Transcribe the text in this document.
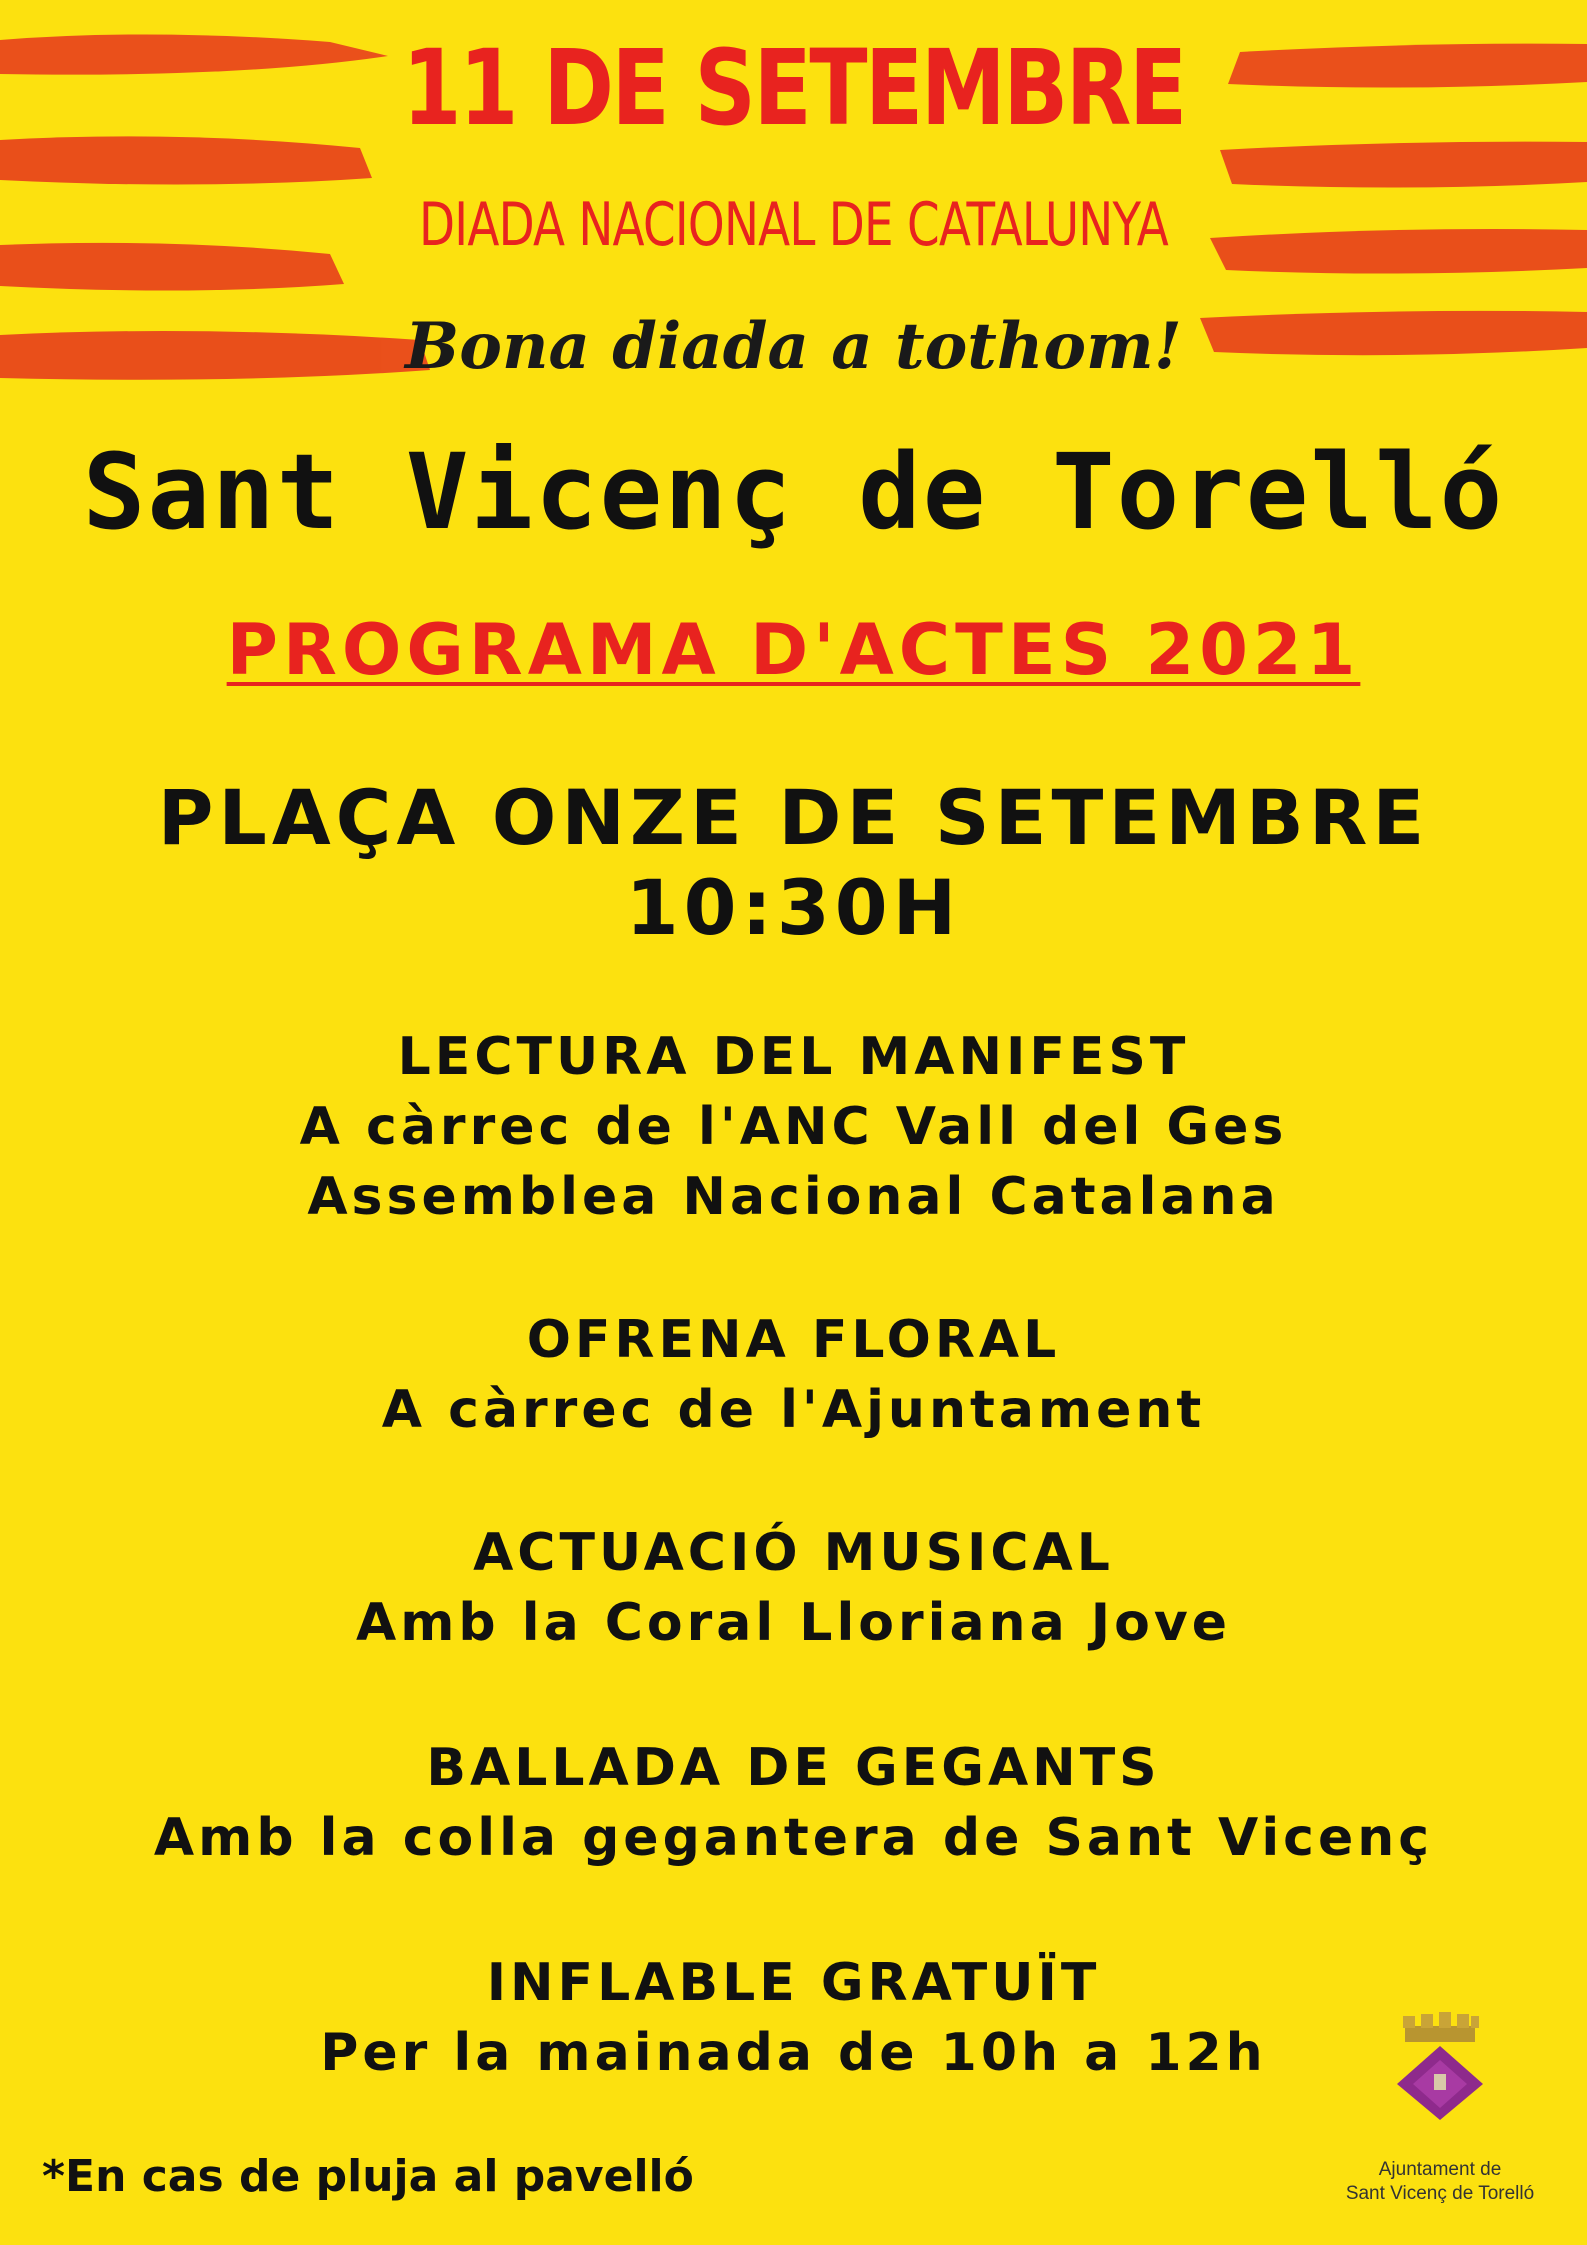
11 DE SETEMBRE
DIADA NACIONAL DE CATALUNYA
Bona diada a tothom!
Sant Vicenç de Torelló
PROGRAMA D'ACTES 2021
PLAÇA ONZE DE SETEMBRE
10:30H
LECTURA DEL MANIFEST
A càrrec de l'ANC Vall del Ges
Assemblea Nacional Catalana
OFRENA FLORAL
A càrrec de l'Ajuntament
ACTUACIÓ MUSICAL
Amb la Coral Lloriana Jove
BALLADA DE GEGANTS
Amb la colla gegantera de Sant Vicenç
INFLABLE GRATUÏT
Per la mainada de 10h a 12h
*En cas de pluja al pavelló	Ajuntament de
Sant Vicenç de Torelló
